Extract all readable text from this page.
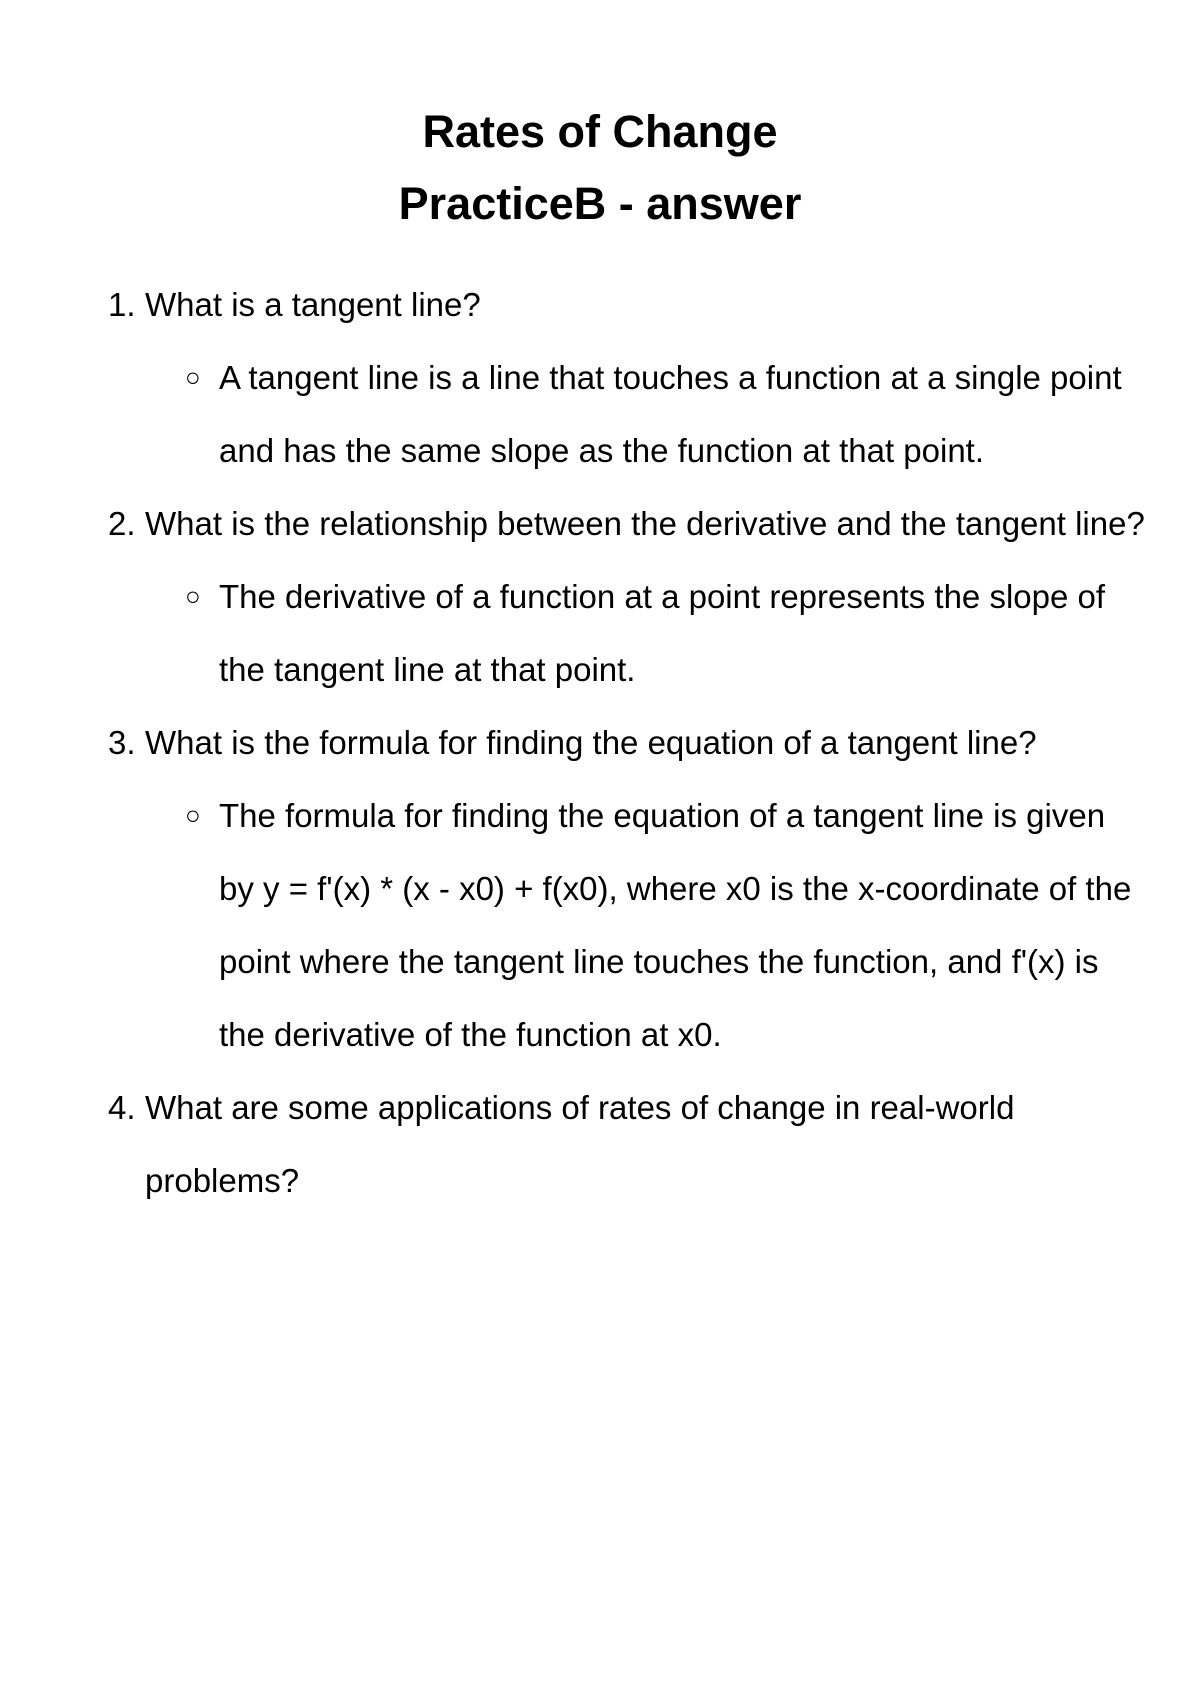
Rates of Change
PracticeB - answer
1. What is a tangent line?
○ A tangent line is a line that touches a function at a single point and has the same slope as the function at that point.
2. What is the relationship between the derivative and the tangent line?
○ The derivative of a function at a point represents the slope of the tangent line at that point.
3. What is the formula for finding the equation of a tangent line?
○ The formula for finding the equation of a tangent line is given by y = f'(x) * (x - x0) + f(x0), where x0 is the x-coordinate of the point where the tangent line touches the function, and f'(x) is the derivative of the function at x0.
4. What are some applications of rates of change in real-world problems?
